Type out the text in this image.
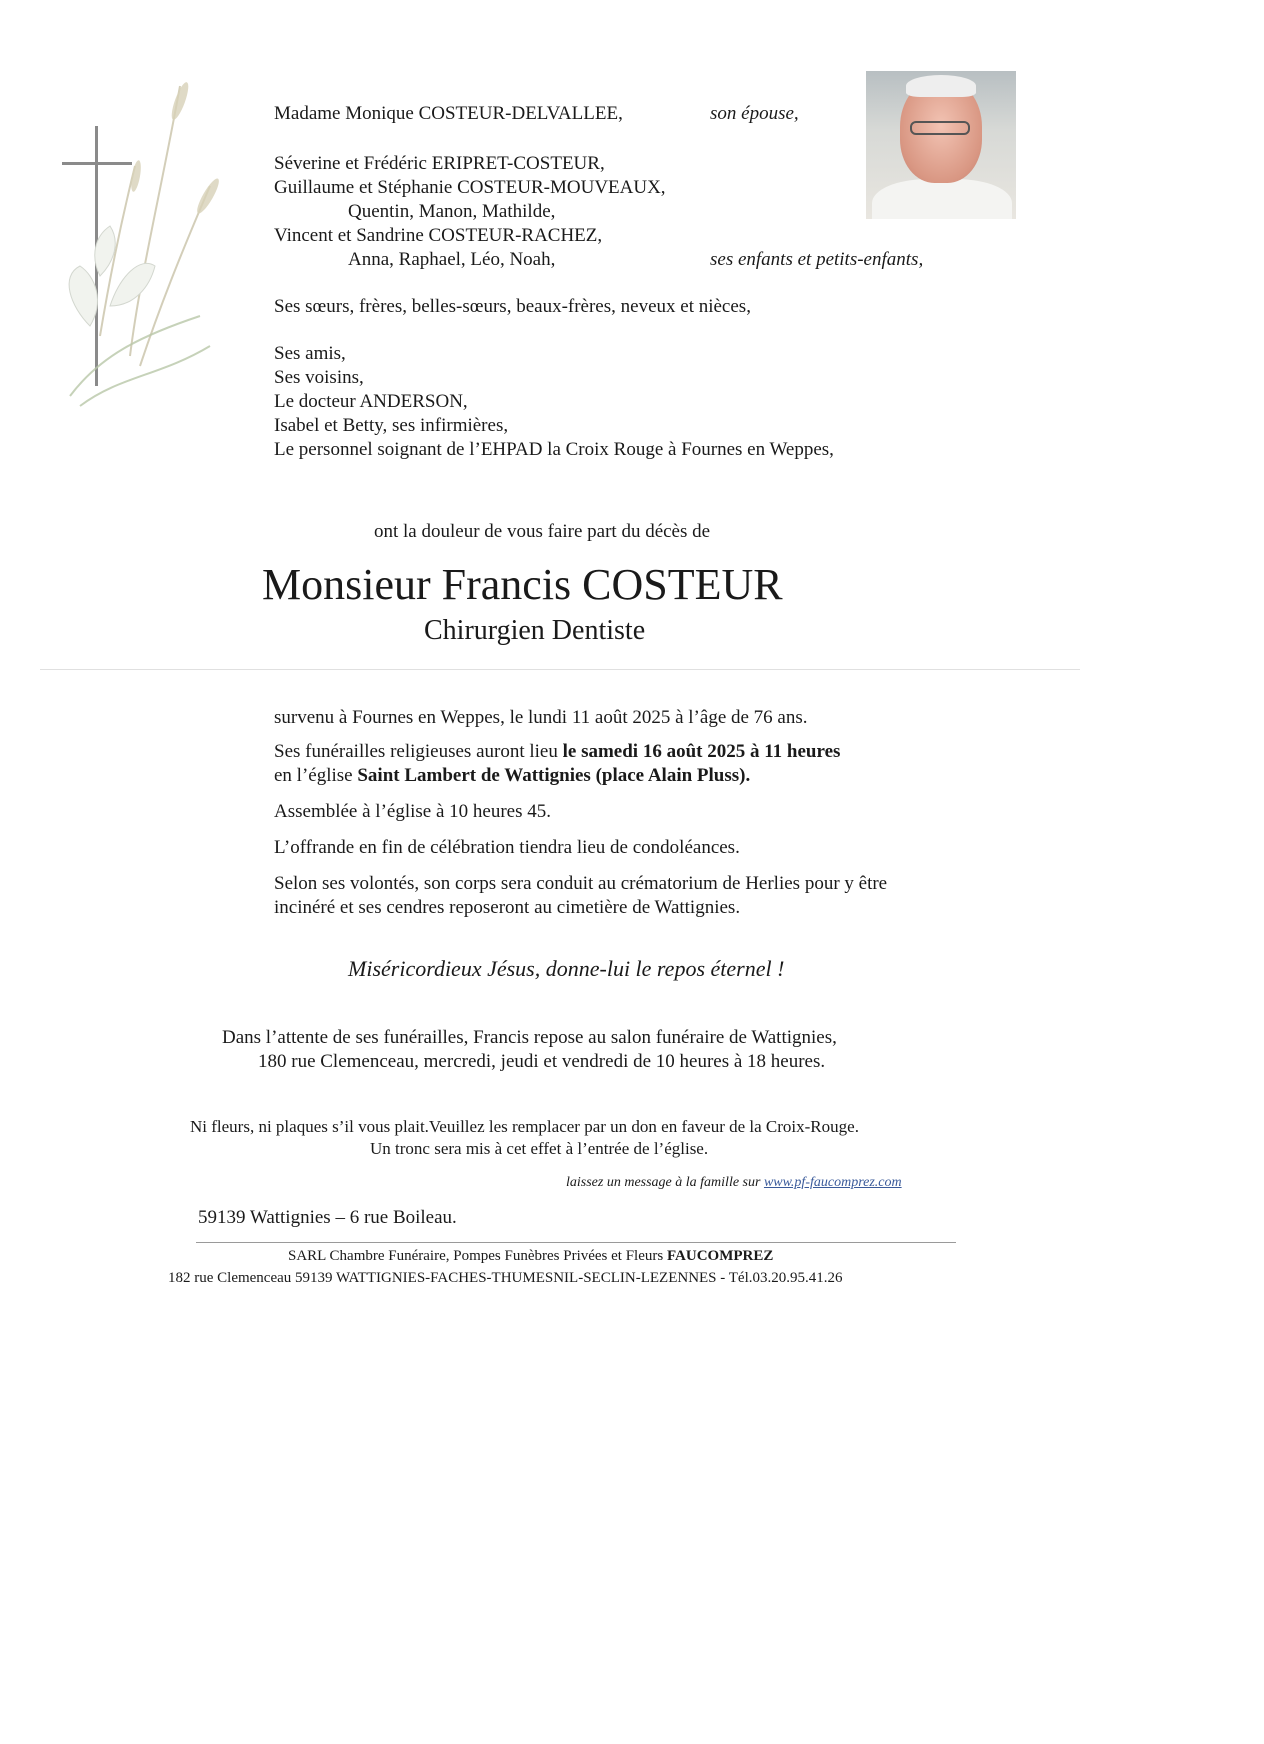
Madame Monique COSTEUR-DELVALLEE,	son épouse,
Séverine et Frédéric ERIPRET-COSTEUR,
Guillaume et Stéphanie COSTEUR-MOUVEAUX,
Quentin, Manon, Mathilde,
Vincent et Sandrine COSTEUR-RACHEZ,
Anna, Raphael, Léo, Noah,	ses enfants et petits-enfants,
Ses sœurs, frères, belles-sœurs, beaux-frères, neveux et nièces,
Ses amis,
Ses voisins,
Le docteur ANDERSON,
Isabel et Betty, ses infirmières,
Le personnel soignant de l’EHPAD la Croix Rouge à Fournes en Weppes,
ont la douleur de vous faire part du décès de
Monsieur Francis COSTEUR
Chirurgien Dentiste
survenu à Fournes en Weppes, le lundi 11 août 2025 à l’âge de 76 ans.
Ses funérailles religieuses auront lieu le samedi 16 août 2025 à 11 heures
en l’église Saint Lambert de Wattignies (place Alain Pluss).
Assemblée à l’église à 10 heures 45.
L’offrande en fin de célébration tiendra lieu de condoléances.
Selon ses volontés, son corps sera conduit au crématorium de Herlies pour y être
incinéré et ses cendres reposeront au cimetière de Wattignies.
Miséricordieux Jésus, donne-lui le repos éternel !
Dans l’attente de ses funérailles, Francis repose au salon funéraire de Wattignies,
180 rue Clemenceau, mercredi, jeudi et vendredi de 10 heures à 18 heures.
Ni fleurs, ni plaques s’il vous plait.Veuillez les remplacer par un don en faveur de la Croix-Rouge.
Un tronc sera mis à cet effet à l’entrée de l’église.
laissez un message à la famille sur www.pf-faucomprez.com
59139 Wattignies – 6 rue Boileau.
SARL Chambre Funéraire, Pompes Funèbres Privées et Fleurs FAUCOMPREZ
182 rue Clemenceau 59139 WATTIGNIES-FACHES-THUMESNIL-SECLIN-LEZENNES - Tél.03.20.95.41.26
